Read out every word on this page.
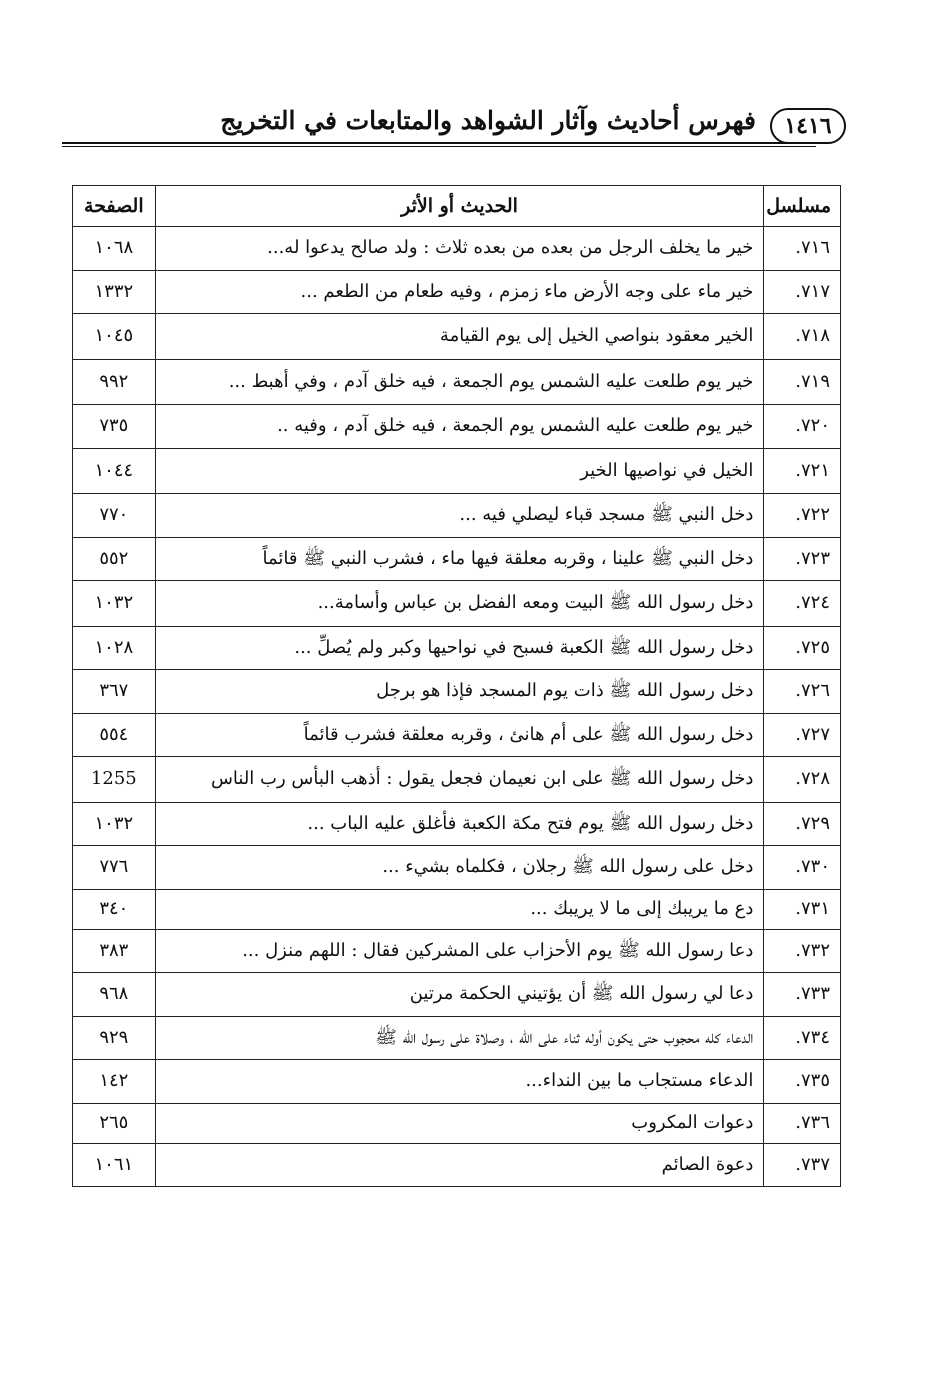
١٤١٦
فهرس أحاديث وآثار الشواهد والمتابعات في التخريج
مسلسل	الحديث أو الأثر	الصفحة
٧١٦.	خير ما يخلف الرجل من بعده من بعده ثلاث : ولد صالح يدعوا له...	١٠٦٨
٧١٧.	خير ماء على وجه الأرض ماء زمزم ، وفيه طعام من الطعم ...	١٣٣٢
٧١٨.	الخير معقود بنواصي الخيل إلى يوم القيامة	١٠٤٥
٧١٩.	خير يوم طلعت عليه الشمس يوم الجمعة ، فيه خلق آدم ، وفي أهبط ...	٩٩٢
٧٢٠.	خير يوم طلعت عليه الشمس يوم الجمعة ، فيه خلق آدم ، وفيه ..	٧٣٥
٧٢١.	الخيل في نواصيها الخير	١٠٤٤
٧٢٢.	دخل النبي ﷺ مسجد قباء ليصلي فيه ...	٧٧٠
٧٢٣.	دخل النبي ﷺ علينا ، وقربه معلقة فيها ماء ، فشرب النبي ﷺ قائماً	٥٥٢
٧٢٤.	دخل رسول الله ﷺ البيت ومعه الفضل بن عباس وأسامة...	١٠٣٢
٧٢٥.	دخل رسول الله ﷺ الكعبة فسبح في نواحيها وكبر ولم يُصلِّ ...	١٠٢٨
٧٢٦.	دخل رسول الله ﷺ ذات يوم المسجد فإذا هو برجل	٣٦٧
٧٢٧.	دخل رسول الله ﷺ على أم هانئ ، وقربه معلقة فشرب قائماً	٥٥٤
٧٢٨.	دخل رسول الله ﷺ على ابن نعيمان فجعل يقول : أذهب البأس رب الناس	1255
٧٢٩.	دخل رسول الله ﷺ يوم فتح مكة الكعبة فأغلق عليه الباب ...	١٠٣٢
٧٣٠.	دخل على رسول الله ﷺ رجلان ، فكلماه بشيء ...	٧٧٦
٧٣١.	دع ما يريبك إلى ما لا يريبك ...	٣٤٠
٧٣٢.	دعا رسول الله ﷺ يوم الأحزاب على المشركين فقال : اللهم منزل ...	٣٨٣
٧٣٣.	دعا لي رسول الله ﷺ أن يؤتيني الحكمة مرتين	٩٦٨
٧٣٤.	الدعاء كله محجوب حتى يكون أوله ثناء على الله ، وصلاة على رسول الله ﷺ	٩٢٩
٧٣٥.	الدعاء مستجاب ما بين النداء...	١٤٢
٧٣٦.	دعوات المكروب	٢٦٥
٧٣٧.	دعوة الصائم	١٠٦١
